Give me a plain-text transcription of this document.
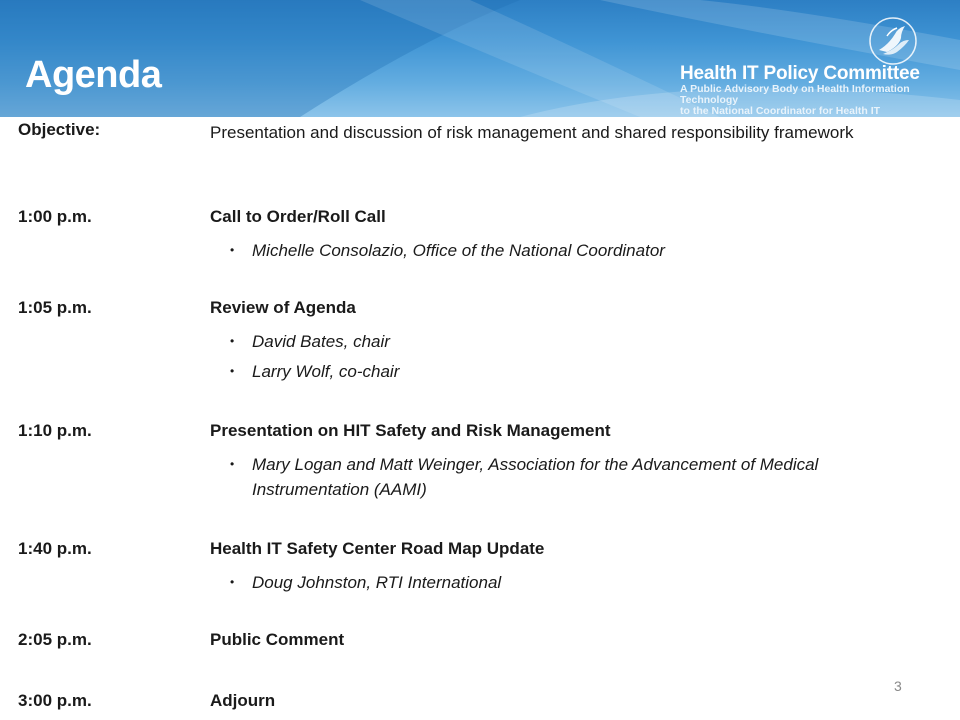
Agenda	Health IT Policy Committee
A Public Advisory Body on Health Information Technology
to the National Coordinator for Health IT
Objective:	Presentation and discussion of risk management and shared responsibility framework
1:00 p.m.	Call to Order/Roll Call
• Michelle Consolazio, Office of the National Coordinator
1:05 p.m.	Review of Agenda
• David Bates, chair
• Larry Wolf, co-chair
1:10 p.m.	Presentation on HIT Safety and Risk Management
• Mary Logan and Matt Weinger, Association for the Advancement of Medical Instrumentation (AAMI)
1:40 p.m.	Health IT Safety Center Road Map Update
• Doug Johnston, RTI International
2:05 p.m.	Public Comment
3:00 p.m.	Adjourn
3
